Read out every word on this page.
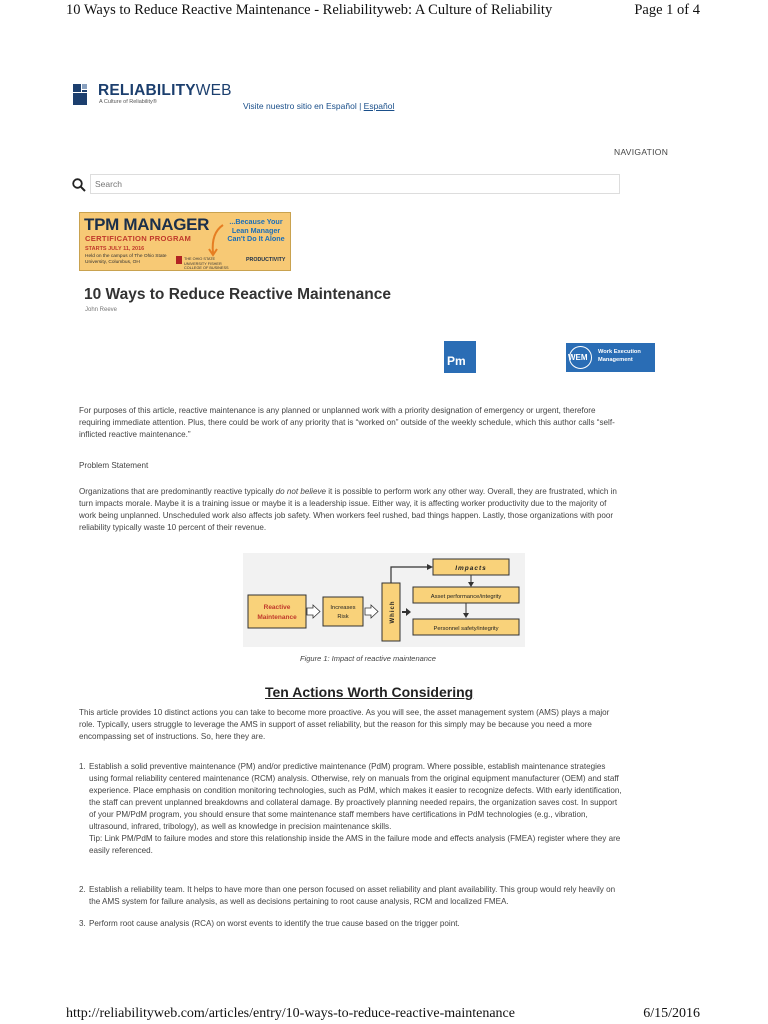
10 Ways to Reduce Reactive Maintenance - Reliabilityweb: A Culture of Reliability	Page 1 of 4
RELIABILITYWEB
A Culture of Reliability®	Visite nuestro sitio en Español | Español
NAVIGATION
Search
TPM MANAGER
CERTIFICATION PROGRAM
STARTS JULY 11, 2016
Held on the campus of The Ohio State University, Columbus, OH
...Because Your Lean Manager Can't Do It Alone
THE OHIO STATE UNIVERSITY FISHER COLLEGE OF BUSINESS
PRODUCTIVITY
10 Ways to Reduce Reactive Maintenance
John Reeve
Pm	WEM
Work Execution
Management
For purposes of this article, reactive maintenance is any planned or unplanned work with a priority designation of emergency or urgent, therefore
requiring immediate attention. Plus, there could be work of any priority that is “worked on” outside of the weekly schedule, which this author calls “self-
inflicted reactive maintenance.”
Problem Statement
Organizations that are predominantly reactive typically do not believe it is possible to perform work any other way. Overall, they are frustrated, which in
turn impacts morale. Maybe it is a training issue or maybe it is a leadership issue. Either way, it is affecting worker productivity due to the majority of
work being unplanned. Unscheduled work also affects job safety. When workers feel rushed, bad things happen. Lastly, those organizations with poor
reliability typically waste 10 percent of their revenue.
Reactive
Maintenance
Increases
Risk	Which
Impacts
Asset performance/integrity
Personnel safety/integrity
Figure 1: Impact of reactive maintenance
Ten Actions Worth Considering
This article provides 10 distinct actions you can take to become more proactive. As you will see, the asset management system (AMS) plays a major
role. Typically, users struggle to leverage the AMS in support of asset reliability, but the reason for this simply may be because you need a more
encompassing set of instructions. So, here they are.
1. Establish a solid preventive maintenance (PM) and/or predictive maintenance (PdM) program. Where possible, establish maintenance strategies
using formal reliability centered maintenance (RCM) analysis. Otherwise, rely on manuals from the original equipment manufacturer (OEM) and staff
experience. Place emphasis on condition monitoring technologies, such as PdM, which makes it easier to recognize defects. With early identification,
the staff can prevent unplanned breakdowns and collateral damage. By proactively planning needed repairs, the organization saves cost. In support
of your PM/PdM program, you should ensure that some maintenance staff members have certifications in PdM technologies (e.g., vibration,
ultrasound, infrared, tribology), as well as knowledge in precision maintenance skills.
Tip: Link PM/PdM to failure modes and store this relationship inside the AMS in the failure mode and effects analysis (FMEA) register where they are
easily referenced.
2. Establish a reliability team. It helps to have more than one person focused on asset reliability and plant availability. This group would rely heavily on
the AMS system for failure analysis, as well as decisions pertaining to root cause analysis, RCM and localized FMEA.
3. Perform root cause analysis (RCA) on worst events to identify the true cause based on the trigger point.
http://reliabilityweb.com/articles/entry/10-ways-to-reduce-reactive-maintenance	6/15/2016
